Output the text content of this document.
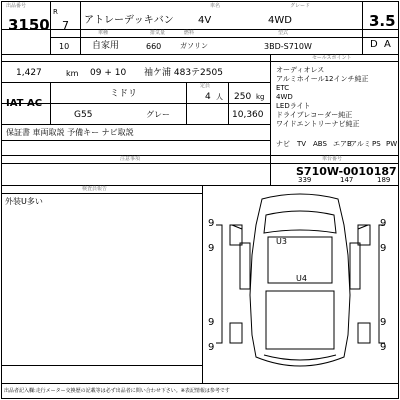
出品番号
3150
R
7
10
車名	グレード
アトレーデッキバン 4V	4WD
車種	排気量	燃料	型式
自家用	660	ガソリン	3BD-S710W
3.5
D A
1,427	km 09 + 10 袖ケ浦 483テ2505
ミドリ
IAT AC
定員
4 人 250 kg
G55	グレー	10,360
保証書 車両取説 予備キー ナビ取説
セールスポイント
オーディオレス
アルミホイール12インチ純正
ETC
4WD
LEDライト
ドライブレコーダー純正
ワイドエントリーナビ純正
ナビ TV ABS エアB
アルミ PS PW
注意事項	車台番号
S710W-0010187
339	147	189
検査員報告
外装U多い
U3
U4
9	9
9	9
9	9
9	9
出品者記入欄:走行メーター交換歴の記載等は必ず出品者に問い合わせ下さい。※表記情報は参考です
